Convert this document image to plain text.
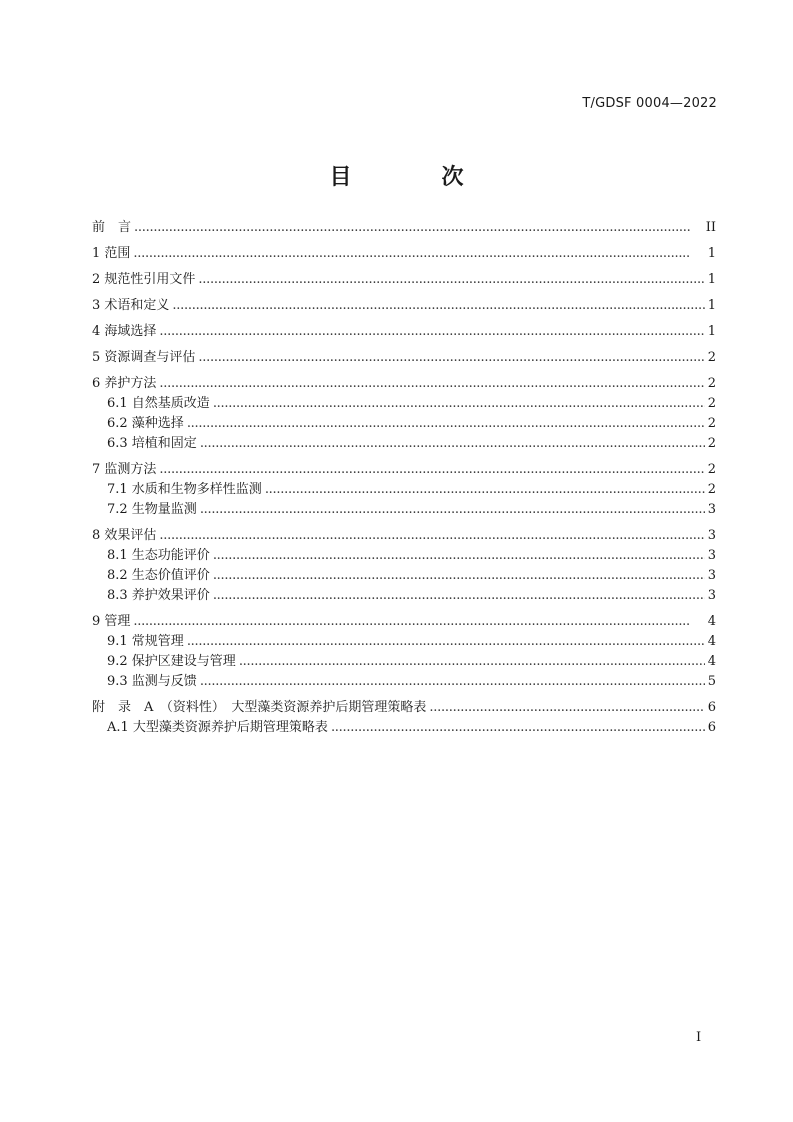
T/GDSF 0004—2022
目　次
前　言 . . .	II
1 范围 . . .	1
2 规范性引用文件 . . .	1
3 术语和定义 . . .	1
4 海域选择 . . .	1
5 资源调查与评估 . . .	2
6 养护方法 . . .	2
6.1 自然基质改造 . . .	2
6.2 藻种选择 . . .	2
6.3 培植和固定 . . .	2
7 监测方法 . . .	2
7.1 水质和生物多样性监测 . . .	2
7.2 生物量监测 . . .	3
8 效果评估 . . .	3
8.1 生态功能评价 . . .	3
8.2 生态价值评价 . . .	3
8.3 养护效果评价 . . .	3
9 管理 . . .	4
9.1 常规管理 . . .	4
9.2 保护区建设与管理 . . .	4
9.3 监测与反馈 . . .	5
附　录　A　（资料性）　大型藻类资源养护后期管理策略表 . . .	6
A.1 大型藻类资源养护后期管理策略表 . . .	6
I
